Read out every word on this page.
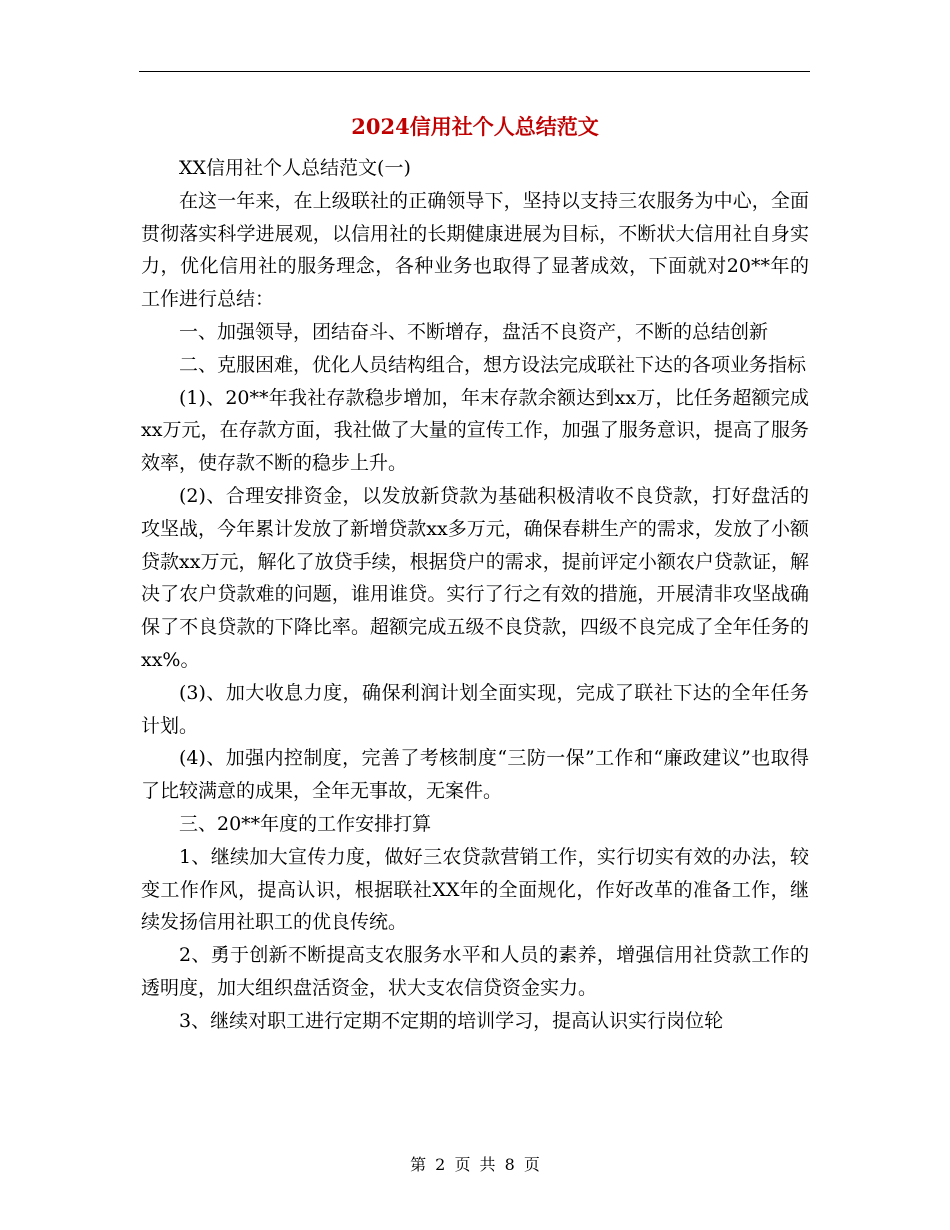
2024信用社个人总结范文

XX信用社个人总结范文(一)

在这一年来，在上级联社的正确领导下，坚持以支持三农服务为中心，全面贯彻落实科学进展观，以信用社的长期健康进展为目标，不断状大信用社自身实力，优化信用社的服务理念，各种业务也取得了显著成效，下面就对20**年的工作进行总结：

一、加强领导，团结奋斗、不断增存，盘活不良资产，不断的总结创新

二、克服困难，优化人员结构组合，想方设法完成联社下达的各项业务指标

(1)、20**年我社存款稳步增加，年末存款余额达到xx万，比任务超额完成xx万元，在存款方面，我社做了大量的宣传工作，加强了服务意识，提高了服务效率，使存款不断的稳步上升。

(2)、合理安排资金，以发放新贷款为基础积极清收不良贷款，打好盘活的攻坚战，今年累计发放了新增贷款xx多万元，确保春耕生产的需求，发放了小额贷款xx万元，解化了放贷手续，根据贷户的需求，提前评定小额农户贷款证，解决了农户贷款难的问题，谁用谁贷。实行了行之有效的措施，开展清非攻坚战确保了不良贷款的下降比率。超额完成五级不良贷款，四级不良完成了全年任务的xx%。

(3)、加大收息力度，确保利润计划全面实现，完成了联社下达的全年任务计划。

(4)、加强内控制度，完善了考核制度“三防一保”工作和“廉政建议”也取得了比较满意的成果，全年无事故，无案件。

三、20**年度的工作安排打算

1、继续加大宣传力度，做好三农贷款营销工作，实行切实有效的办法，较变工作作风，提高认识，根据联社XX年的全面规化，作好改革的准备工作，继续发扬信用社职工的优良传统。

2、勇于创新不断提高支农服务水平和人员的素养，增强信用社贷款工作的透明度，加大组织盘活资金，状大支农信贷资金实力。

3、继续对职工进行定期不定期的培训学习，提高认识实行岗位轮

第 2 页 共 8 页
